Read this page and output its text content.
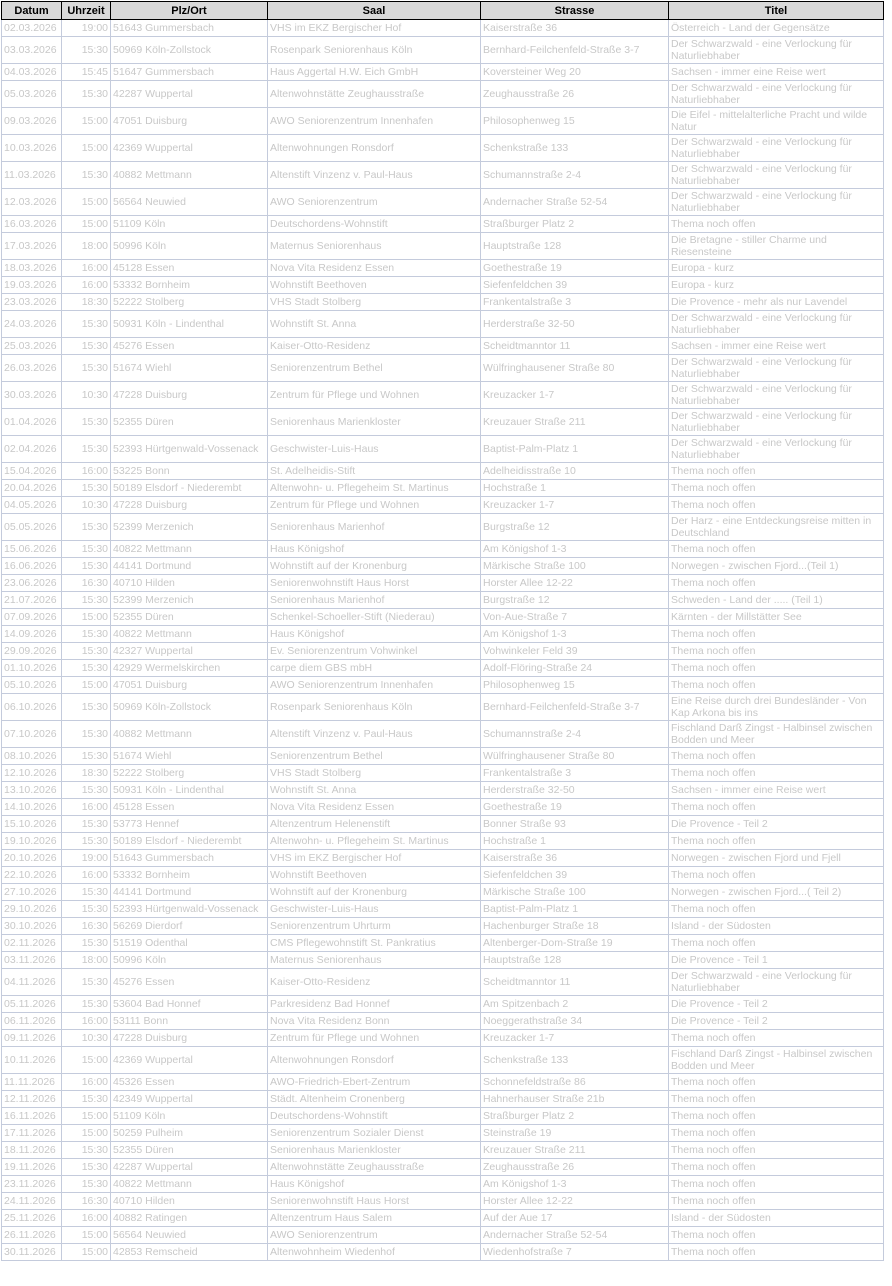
Datum	Uhrzeit	Plz/Ort	Saal	Strasse	Titel
02.03.2026	19:00	51643 Gummersbach	VHS im EKZ Bergischer Hof	Kaiserstraße 36	Österreich - Land der Gegensätze
03.03.2026	15:30	50969 Köln-Zollstock	Rosenpark Seniorenhaus Köln	Bernhard-Feilchenfeld-Straße 3-7	Der Schwarzwald - eine Verlockung für Naturliebhaber
04.03.2026	15:45	51647 Gummersbach	Haus Aggertal H.W. Eich GmbH	Koversteiner Weg 20	Sachsen - immer eine Reise wert
05.03.2026	15:30	42287 Wuppertal	Altenwohnstätte Zeughausstraße	Zeughausstraße 26	Der Schwarzwald - eine Verlockung für Naturliebhaber
09.03.2026	15:00	47051 Duisburg	AWO Seniorenzentrum Innenhafen	Philosophenweg 15	Die Eifel - mittelalterliche Pracht und wilde Natur
10.03.2026	15:00	42369 Wuppertal	Altenwohnungen Ronsdorf	Schenkstraße 133	Der Schwarzwald - eine Verlockung für Naturliebhaber
11.03.2026	15:30	40882 Mettmann	Altenstift Vinzenz v. Paul-Haus	Schumannstraße 2-4	Der Schwarzwald - eine Verlockung für Naturliebhaber
12.03.2026	15:00	56564 Neuwied	AWO Seniorenzentrum	Andernacher Straße 52-54	Der Schwarzwald - eine Verlockung für Naturliebhaber
16.03.2026	15:00	51109 Köln	Deutschordens-Wohnstift	Straßburger Platz 2	Thema noch offen
17.03.2026	18:00	50996 Köln	Maternus Seniorenhaus	Hauptstraße 128	Die Bretagne - stiller Charme und Riesensteine
18.03.2026	16:00	45128 Essen	Nova Vita Residenz Essen	Goethestraße 19	Europa - kurz
19.03.2026	16:00	53332 Bornheim	Wohnstift Beethoven	Siefenfeldchen 39	Europa - kurz
23.03.2026	18:30	52222 Stolberg	VHS Stadt Stolberg	Frankentalstraße 3	Die Provence - mehr als nur Lavendel
24.03.2026	15:30	50931 Köln - Lindenthal	Wohnstift St. Anna	Herderstraße 32-50	Der Schwarzwald - eine Verlockung für Naturliebhaber
25.03.2026	15:30	45276 Essen	Kaiser-Otto-Residenz	Scheidtmanntor 11	Sachsen - immer eine Reise wert
26.03.2026	15:30	51674 Wiehl	Seniorenzentrum Bethel	Wülfringhausener Straße 80	Der Schwarzwald - eine Verlockung für Naturliebhaber
30.03.2026	10:30	47228 Duisburg	Zentrum für Pflege und Wohnen	Kreuzacker 1-7	Der Schwarzwald - eine Verlockung für Naturliebhaber
01.04.2026	15:30	52355 Düren	Seniorenhaus Marienkloster	Kreuzauer Straße 211	Der Schwarzwald - eine Verlockung für Naturliebhaber
02.04.2026	15:30	52393 Hürtgenwald-Vossenack	Geschwister-Luis-Haus	Baptist-Palm-Platz 1	Der Schwarzwald - eine Verlockung für Naturliebhaber
15.04.2026	16:00	53225 Bonn	St. Adelheidis-Stift	Adelheidisstraße 10	Thema noch offen
20.04.2026	15:30	50189 Elsdorf - Niederembt	Altenwohn- u. Pflegeheim St. Martinus	Hochstraße 1	Thema noch offen
04.05.2026	10:30	47228 Duisburg	Zentrum für Pflege und Wohnen	Kreuzacker 1-7	Thema noch offen
05.05.2026	15:30	52399 Merzenich	Seniorenhaus Marienhof	Burgstraße 12	Der Harz - eine Entdeckungsreise mitten in Deutschland
15.06.2026	15:30	40822 Mettmann	Haus Königshof	Am Königshof 1-3	Thema noch offen
16.06.2026	15:30	44141 Dortmund	Wohnstift auf der Kronenburg	Märkische Straße 100	Norwegen - zwischen Fjord...(Teil 1)
23.06.2026	16:30	40710 Hilden	Seniorenwohnstift Haus Horst	Horster Allee 12-22	Thema noch offen
21.07.2026	15:30	52399 Merzenich	Seniorenhaus Marienhof	Burgstraße 12	Schweden - Land der ..... (Teil 1)
07.09.2026	15:00	52355 Düren	Schenkel-Schoeller-Stift (Niederau)	Von-Aue-Straße 7	Kärnten - der Millstätter See
14.09.2026	15:30	40822 Mettmann	Haus Königshof	Am Königshof 1-3	Thema noch offen
29.09.2026	15:30	42327 Wuppertal	Ev. Seniorenzentrum Vohwinkel	Vohwinkeler Feld 39	Thema noch offen
01.10.2026	15:30	42929 Wermelskirchen	carpe diem GBS mbH	Adolf-Flöring-Straße 24	Thema noch offen
05.10.2026	15:00	47051 Duisburg	AWO Seniorenzentrum Innenhafen	Philosophenweg 15	Thema noch offen
06.10.2026	15:30	50969 Köln-Zollstock	Rosenpark Seniorenhaus Köln	Bernhard-Feilchenfeld-Straße 3-7	Eine Reise durch drei Bundesländer - Von Kap Arkona bis ins
07.10.2026	15:30	40882 Mettmann	Altenstift Vinzenz v. Paul-Haus	Schumannstraße 2-4	Fischland Darß Zingst - Halbinsel zwischen Bodden und Meer
08.10.2026	15:30	51674 Wiehl	Seniorenzentrum Bethel	Wülfringhausener Straße 80	Thema noch offen
12.10.2026	18:30	52222 Stolberg	VHS Stadt Stolberg	Frankentalstraße 3	Thema noch offen
13.10.2026	15:30	50931 Köln - Lindenthal	Wohnstift St. Anna	Herderstraße 32-50	Sachsen - immer eine Reise wert
14.10.2026	16:00	45128 Essen	Nova Vita Residenz Essen	Goethestraße 19	Thema noch offen
15.10.2026	15:30	53773 Hennef	Altenzentrum Helenenstift	Bonner Straße 93	Die Provence - Teil 2
19.10.2026	15:30	50189 Elsdorf - Niederembt	Altenwohn- u. Pflegeheim St. Martinus	Hochstraße 1	Thema noch offen
20.10.2026	19:00	51643 Gummersbach	VHS im EKZ Bergischer Hof	Kaiserstraße 36	Norwegen - zwischen Fjord und Fjell
22.10.2026	16:00	53332 Bornheim	Wohnstift Beethoven	Siefenfeldchen 39	Thema noch offen
27.10.2026	15:30	44141 Dortmund	Wohnstift auf der Kronenburg	Märkische Straße 100	Norwegen - zwischen Fjord...( Teil 2)
29.10.2026	15:30	52393 Hürtgenwald-Vossenack	Geschwister-Luis-Haus	Baptist-Palm-Platz 1	Thema noch offen
30.10.2026	16:30	56269 Dierdorf	Seniorenzentrum Uhrturm	Hachenburger Straße 18	Island - der Südosten
02.11.2026	15:30	51519 Odenthal	CMS Pflegewohnstift St. Pankratius	Altenberger-Dom-Straße 19	Thema noch offen
03.11.2026	18:00	50996 Köln	Maternus Seniorenhaus	Hauptstraße 128	Die Provence - Teil 1
04.11.2026	15:30	45276 Essen	Kaiser-Otto-Residenz	Scheidtmanntor 11	Der Schwarzwald - eine Verlockung für Naturliebhaber
05.11.2026	15:30	53604 Bad Honnef	Parkresidenz Bad Honnef	Am Spitzenbach 2	Die Provence - Teil 2
06.11.2026	16:00	53111 Bonn	Nova Vita Residenz Bonn	Noeggerathstraße 34	Die Provence - Teil 2
09.11.2026	10:30	47228 Duisburg	Zentrum für Pflege und Wohnen	Kreuzacker 1-7	Thema noch offen
10.11.2026	15:00	42369 Wuppertal	Altenwohnungen Ronsdorf	Schenkstraße 133	Fischland Darß Zingst - Halbinsel zwischen Bodden und Meer
11.11.2026	16:00	45326 Essen	AWO-Friedrich-Ebert-Zentrum	Schonnefeldstraße 86	Thema noch offen
12.11.2026	15:30	42349 Wuppertal	Städt. Altenheim Cronenberg	Hahnerhauser Straße 21b	Thema noch offen
16.11.2026	15:00	51109 Köln	Deutschordens-Wohnstift	Straßburger Platz 2	Thema noch offen
17.11.2026	15:00	50259 Pulheim	Seniorenzentrum Sozialer Dienst	Steinstraße 19	Thema noch offen
18.11.2026	15:30	52355 Düren	Seniorenhaus Marienkloster	Kreuzauer Straße 211	Thema noch offen
19.11.2026	15:30	42287 Wuppertal	Altenwohnstätte Zeughausstraße	Zeughausstraße 26	Thema noch offen
23.11.2026	15:30	40822 Mettmann	Haus Königshof	Am Königshof 1-3	Thema noch offen
24.11.2026	16:30	40710 Hilden	Seniorenwohnstift Haus Horst	Horster Allee 12-22	Thema noch offen
25.11.2026	16:00	40882 Ratingen	Altenzentrum Haus Salem	Auf der Aue 17	Island - der Südosten
26.11.2026	15:00	56564 Neuwied	AWO Seniorenzentrum	Andernacher Straße 52-54	Thema noch offen
30.11.2026	15:00	42853 Remscheid	Altenwohnheim Wiedenhof	Wiedenhofstraße 7	Thema noch offen
